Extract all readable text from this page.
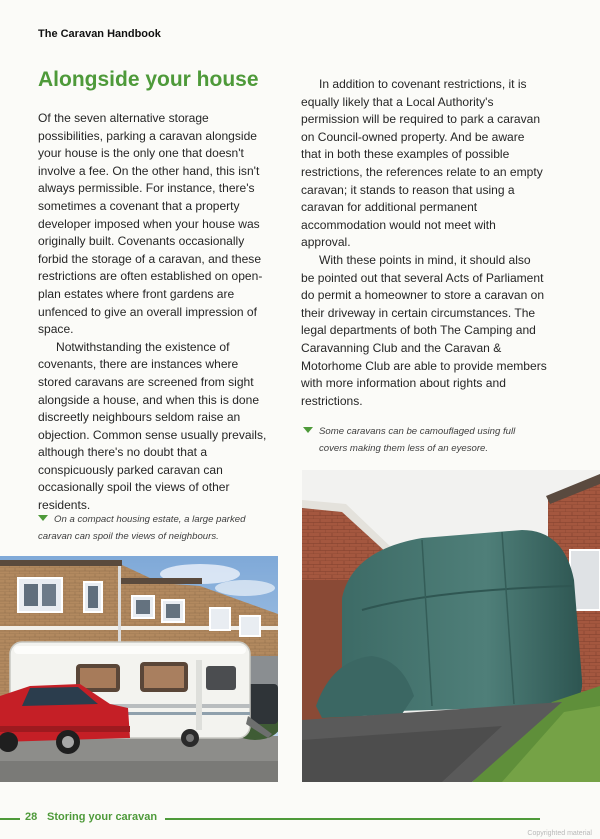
The Caravan Handbook
Alongside your house

Of the seven alternative storage possibilities, parking a caravan alongside your house is the only one that doesn't involve a fee. On the other hand, this isn't always permissible. For instance, there's sometimes a covenant that a property developer imposed when your house was originally built. Covenants occasionally forbid the storage of a caravan, and these restrictions are often established on open-plan estates where front gardens are unfenced to give an overall impression of space.

Notwithstanding the existence of covenants, there are instances where stored caravans are screened from sight alongside a house, and when this is done discreetly neighbours seldom raise an objection. Common sense usually prevails, although there's no doubt that a conspicuously parked caravan can occasionally spoil the views of other residents.

In addition to covenant restrictions, it is equally likely that a Local Authority's permission will be required to park a caravan on Council-owned property. And be aware that in both these examples of possible restrictions, the references relate to an empty caravan; it stands to reason that using a caravan for additional permanent accommodation would not meet with approval.

With these points in mind, it should also be pointed out that several Acts of Parliament do permit a homeowner to store a caravan on their driveway in certain circumstances. The legal departments of both The Camping and Caravanning Club and the Caravan & Motorhome Club are able to provide members with more information about rights and restrictions.

On a compact housing estate, a large parked
caravan can spoil the views of neighbours.
Some caravans can be camouflaged using full
covers making them less of an eyesore.
28 Storing your caravan
Copyrighted material
